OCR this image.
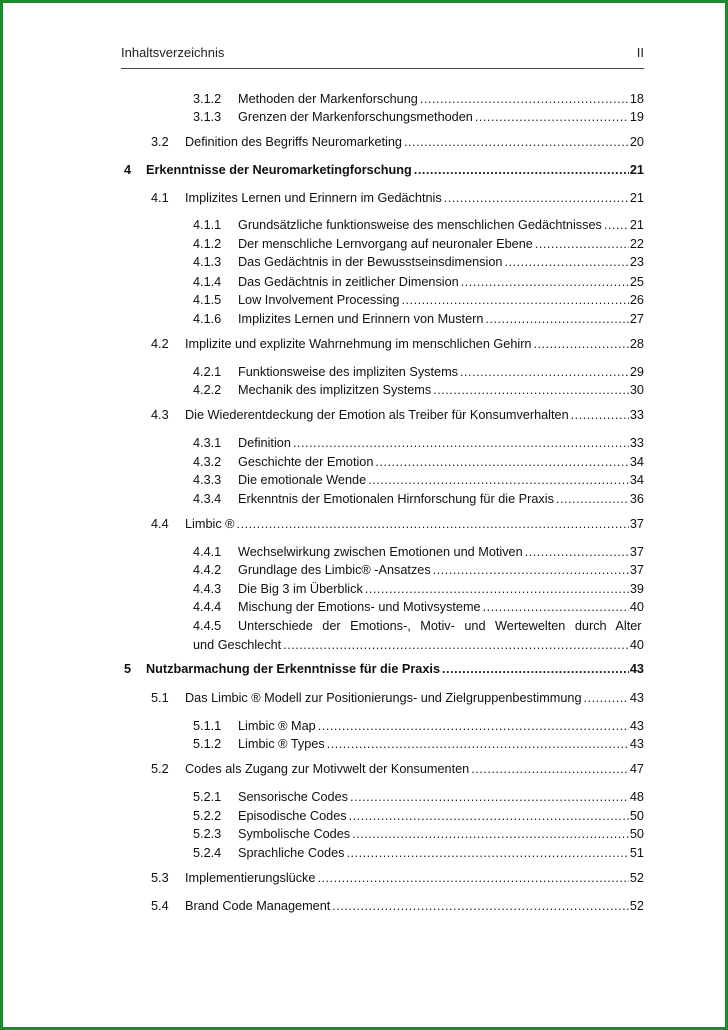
Inhaltsverzeichnis	II
3.1.2	Methoden der Markenforschung .....	18
3.1.3	Grenzen der Markenforschungsmethoden .....	19
3.2	Definition des Begriffs Neuromarketing .....	20
4	Erkenntnisse der Neuromarketingforschung .....	21
4.1	Implizites Lernen und Erinnern im Gedächtnis .....	21
4.1.1	Grundsätzliche funktionsweise des menschlichen Gedächtnisses ..... 21
4.1.2	Der menschliche Lernvorgang auf neuronaler Ebene .....	22
4.1.3	Das Gedächtnis in der Bewusstseinsdimension .....	23
4.1.4	Das Gedächtnis in zeitlicher Dimension .....	25
4.1.5	Low Involvement Processing .....	26
4.1.6	Implizites Lernen und Erinnern von Mustern .....	27
4.2	Implizite und explizite Wahrnehmung im menschlichen Gehirn .....	28
4.2.1	Funktionsweise des impliziten Systems .....	29
4.2.2	Mechanik des implizitzen Systems .....	30
4.3	Die Wiederentdeckung der Emotion als Treiber für Konsumverhalten .....	33
4.3.1	Definition .....	33
4.3.2	Geschichte der Emotion .....	34
4.3.3	Die emotionale Wende .....	34
4.3.4	Erkenntnis der Emotionalen Hirnforschung für die Praxis .....	36
4.4	Limbic ® .....	37
4.4.1	Wechselwirkung zwischen Emotionen und Motiven .....	37
4.4.2	Grundlage des Limbic® -Ansatzes .....	37
4.4.3	Die Big 3 im Überblick .....	39
4.4.4	Mischung der Emotions- und Motivsysteme .....	40
4.4.5 Unterschiede der Emotions-, Motiv- und Wertewelten durch Alter
und Geschlecht .....	40
5	Nutzbarmachung der Erkenntnisse für die Praxis .....	43
5.1	Das Limbic ® Modell zur Positionierungs- und Zielgruppenbestimmung .....	43
5.1.1	Limbic ® Map .....	43
5.1.2	Limbic ® Types .....	43
5.2	Codes als Zugang zur Motivwelt der Konsumenten .....	47
5.2.1	Sensorische Codes .....	48
5.2.2	Episodische Codes .....	50
5.2.3	Symbolische Codes .....	50
5.2.4	Sprachliche Codes .....	51
5.3	Implementierungslücke .....	52
5.4	Brand Code Management .....	52
